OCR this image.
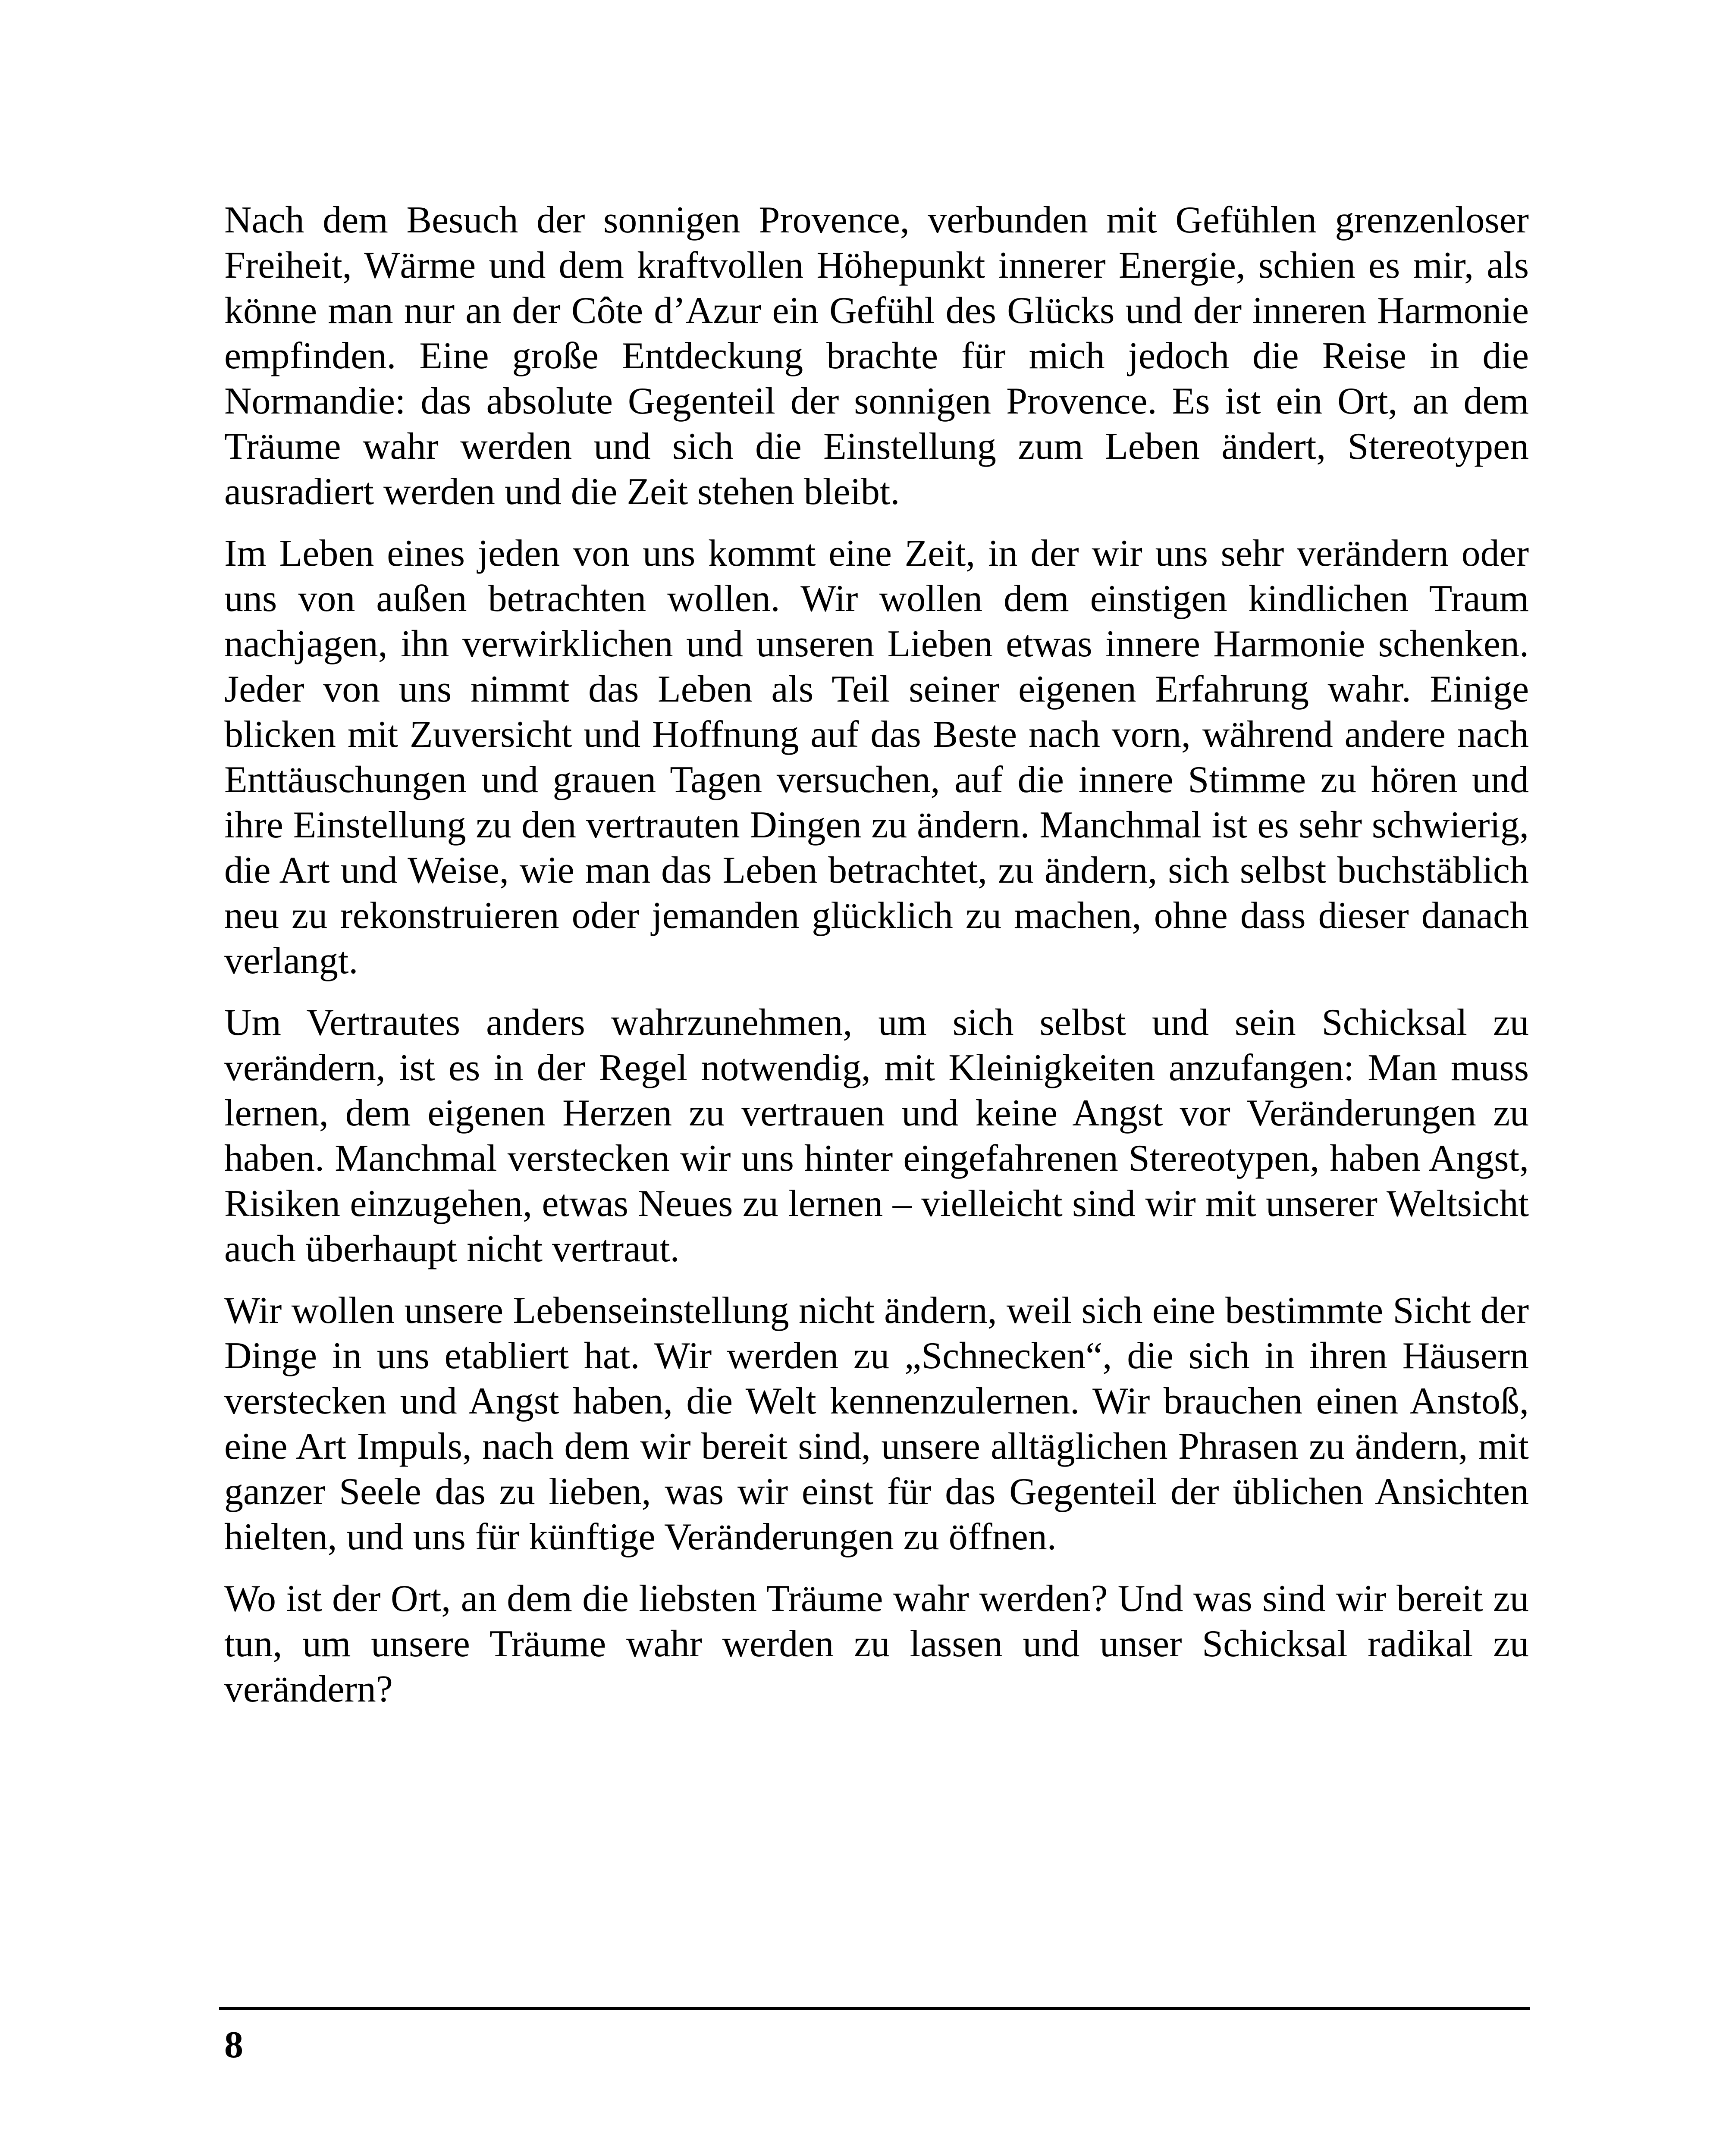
Nach dem Besuch der sonnigen Provence, verbunden mit Gefühlen grenzenloser Freiheit, Wärme und dem kraftvollen Höhepunkt innerer Energie, schien es mir, als könne man nur an der Côte d’Azur ein Gefühl des Glücks und der inneren Harmonie empfinden. Eine große Entdeckung brachte für mich jedoch die Reise in die Normandie: das absolute Gegenteil der sonnigen Provence. Es ist ein Ort, an dem Träume wahr werden und sich die Einstellung zum Leben ändert, Stereotypen ausradiert werden und die Zeit stehen bleibt.

Im Leben eines jeden von uns kommt eine Zeit, in der wir uns sehr verändern oder uns von außen betrachten wollen. Wir wollen dem einstigen kindlichen Traum nachjagen, ihn verwirklichen und unseren Lieben etwas innere Harmonie schenken. Jeder von uns nimmt das Leben als Teil seiner eigenen Erfahrung wahr. Einige blicken mit Zuversicht und Hoffnung auf das Beste nach vorn, während andere nach Enttäuschungen und grauen Tagen versuchen, auf die innere Stimme zu hören und ihre Einstellung zu den vertrauten Dingen zu ändern. Manchmal ist es sehr schwierig, die Art und Weise, wie man das Leben betrachtet, zu ändern, sich selbst buchstäblich neu zu rekonstruieren oder jemanden glücklich zu machen, ohne dass dieser danach verlangt.

Um Vertrautes anders wahrzunehmen, um sich selbst und sein Schicksal zu verändern, ist es in der Regel notwendig, mit Kleinigkeiten anzufangen: Man muss lernen, dem eigenen Herzen zu vertrauen und keine Angst vor Veränderungen zu haben. Manchmal verstecken wir uns hinter eingefahrenen Stereotypen, haben Angst, Risiken einzugehen, etwas Neues zu lernen – vielleicht sind wir mit unserer Weltsicht auch überhaupt nicht vertraut.

Wir wollen unsere Lebenseinstellung nicht ändern, weil sich eine bestimmte Sicht der Dinge in uns etabliert hat. Wir werden zu „Schnecken“, die sich in ihren Häusern verstecken und Angst haben, die Welt kennenzulernen. Wir brauchen einen Anstoß, eine Art Impuls, nach dem wir bereit sind, unsere alltäglichen Phrasen zu ändern, mit ganzer Seele das zu lieben, was wir einst für das Gegenteil der üblichen Ansichten hielten, und uns für künftige Veränderungen zu öffnen.

Wo ist der Ort, an dem die liebsten Träume wahr werden? Und was sind wir bereit zu tun, um unsere Träume wahr werden zu lassen und unser Schicksal radikal zu verändern?

8
